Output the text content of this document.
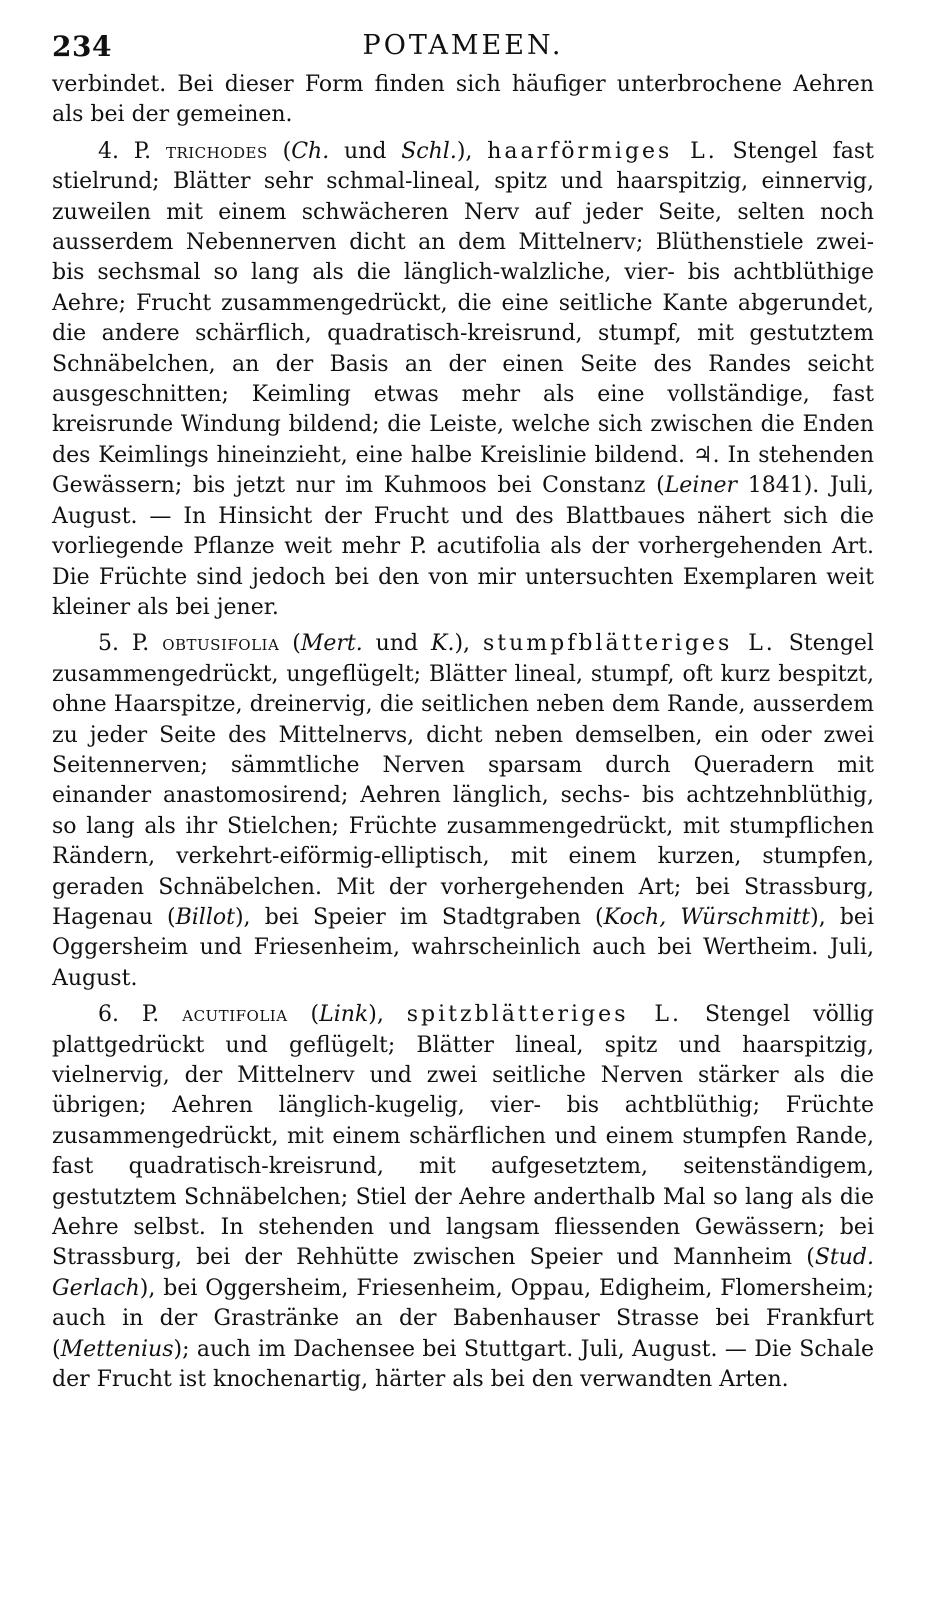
234	POTAMEEN.

verbindet. Bei dieser Form finden sich häufiger unterbrochene Aehren als bei der gemeinen.

4. P. trichodes (Ch. und Schl.), haarförmiges L. Stengel fast stielrund; Blätter sehr schmal-lineal, spitz und haarspitzig, einnervig, zuweilen mit einem schwächeren Nerv auf jeder Seite, selten noch ausserdem Nebennerven dicht an dem Mittelnerv; Blüthenstiele zwei- bis sechsmal so lang als die länglich-walzliche, vier- bis achtblüthige Aehre; Frucht zusammengedrückt, die eine seitliche Kante abgerundet, die andere schärflich, quadratisch-kreisrund, stumpf, mit gestutztem Schnäbelchen, an der Basis an der einen Seite des Randes seicht ausgeschnitten; Keimling etwas mehr als eine vollständige, fast kreisrunde Windung bildend; die Leiste, welche sich zwischen die Enden des Keimlings hineinzieht, eine halbe Kreislinie bildend. ♃. In stehenden Gewässern; bis jetzt nur im Kuhmoos bei Constanz (Leiner 1841). Juli, August. — In Hinsicht der Frucht und des Blattbaues nähert sich die vorliegende Pflanze weit mehr P. acutifolia als der vorhergehenden Art. Die Früchte sind jedoch bei den von mir untersuchten Exemplaren weit kleiner als bei jener.

5. P. obtusifolia (Mert. und K.), stumpfblätteriges L. Stengel zusammengedrückt, ungeflügelt; Blätter lineal, stumpf, oft kurz bespitzt, ohne Haarspitze, dreinervig, die seitlichen neben dem Rande, ausserdem zu jeder Seite des Mittelnervs, dicht neben demselben, ein oder zwei Seitennerven; sämmtliche Nerven sparsam durch Queradern mit einander anastomosirend; Aehren länglich, sechs- bis achtzehnblüthig, so lang als ihr Stielchen; Früchte zusammengedrückt, mit stumpflichen Rändern, verkehrt-eiförmig-elliptisch, mit einem kurzen, stumpfen, geraden Schnäbelchen. Mit der vorhergehenden Art; bei Strassburg, Hagenau (Billot), bei Speier im Stadtgraben (Koch, Würschmitt), bei Oggersheim und Friesenheim, wahrscheinlich auch bei Wertheim. Juli, August.

6. P. acutifolia (Link), spitzblätteriges L. Stengel völlig plattgedrückt und geflügelt; Blätter lineal, spitz und haarspitzig, vielnervig, der Mittelnerv und zwei seitliche Nerven stärker als die übrigen; Aehren länglich-kugelig, vier- bis achtblüthig; Früchte zusammengedrückt, mit einem schärflichen und einem stumpfen Rande, fast quadratisch-kreisrund, mit aufgesetztem, seitenständigem, gestutztem Schnäbelchen; Stiel der Aehre anderthalb Mal so lang als die Aehre selbst. In stehenden und langsam fliessenden Gewässern; bei Strassburg, bei der Rehhütte zwischen Speier und Mannheim (Stud. Gerlach), bei Oggersheim, Friesenheim, Oppau, Edigheim, Flomersheim; auch in der Grastränke an der Babenhauser Strasse bei Frankfurt (Mettenius); auch im Dachensee bei Stuttgart. Juli, August. — Die Schale der Frucht ist knochenartig, härter als bei den verwandten Arten.
